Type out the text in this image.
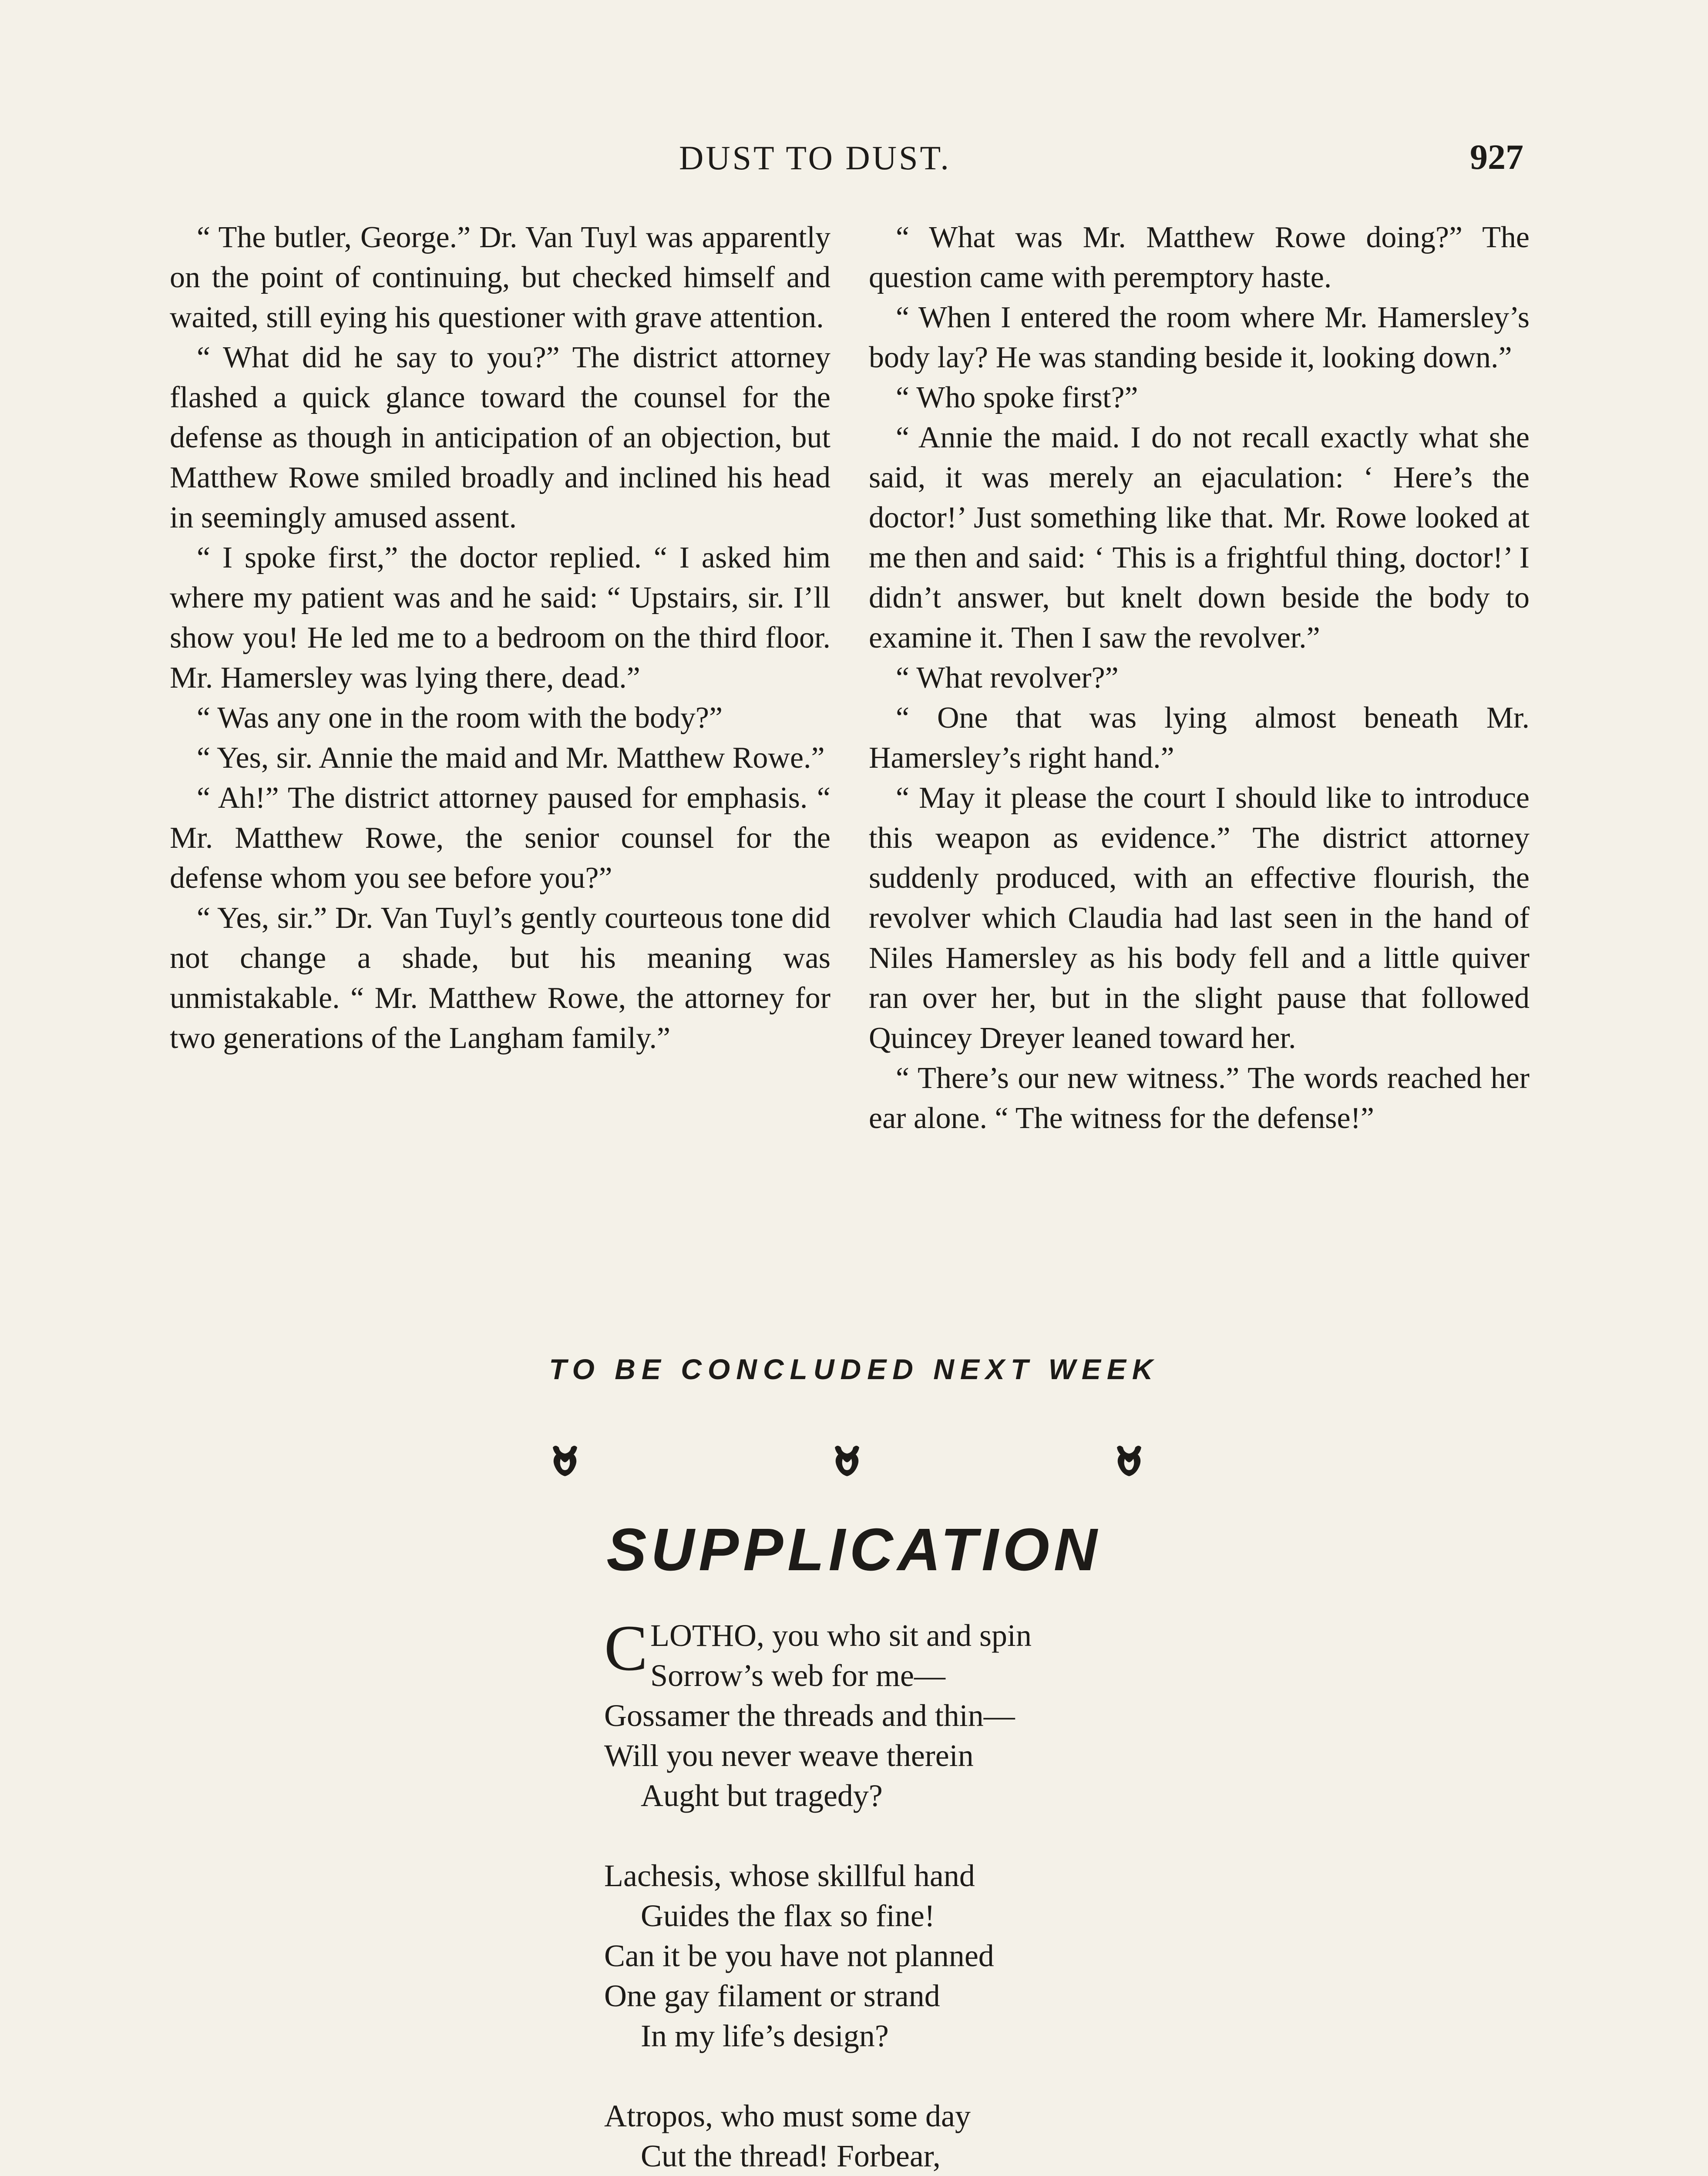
DUST TO DUST.	927

“ The butler, George.” Dr. Van Tuyl was apparently on the point of continuing, but checked himself and waited, still eying his questioner with grave attention.

“ What did he say to you?” The district attorney flashed a quick glance toward the counsel for the defense as though in anticipation of an objection, but Matthew Rowe smiled broadly and inclined his head in seemingly amused assent.

“ I spoke first,” the doctor replied. “ I asked him where my patient was and he said: “ Upstairs, sir. I’ll show you! He led me to a bedroom on the third floor. Mr. Hamersley was lying there, dead.”

“ Was any one in the room with the body?”

“ Yes, sir. Annie the maid and Mr. Matthew Rowe.”

“ Ah!” The district attorney paused for emphasis. “ Mr. Matthew Rowe, the senior counsel for the defense whom you see before you?”

“ Yes, sir.” Dr. Van Tuyl’s gently courteous tone did not change a shade, but his meaning was unmistakable. “ Mr. Matthew Rowe, the attorney for two generations of the Langham family.”

“ What was Mr. Matthew Rowe doing?” The question came with peremptory haste.

“ When I entered the room where Mr. Hamersley’s body lay? He was standing beside it, looking down.”

“ Who spoke first?”

“ Annie the maid. I do not recall exactly what she said, it was merely an ejaculation: ‘ Here’s the doctor!’ Just something like that. Mr. Rowe looked at me then and said: ‘ This is a frightful thing, doctor!’ I didn’t answer, but knelt down beside the body to examine it. Then I saw the revolver.”

“ What revolver?”

“ One that was lying almost beneath Mr. Hamersley’s right hand.”

“ May it please the court I should like to introduce this weapon as evidence.” The district attorney suddenly produced, with an effective flourish, the revolver which Claudia had last seen in the hand of Niles Hamersley as his body fell and a little quiver ran over her, but in the slight pause that followed Quincey Dreyer leaned toward her.

“ There’s our new witness.” The words reached her ear alone. “ The witness for the defense!”

TO BE CONCLUDED NEXT WEEK
SUPPLICATION
CLOTHO, you who sit and spin
Sorrow’s web for me—
Gossamer the threads and thin—
Will you never weave therein
Aught but tragedy?
Lachesis, whose skillful hand
Guides the flax so fine!
Can it be you have not planned
One gay filament or strand
In my life’s design?
Atropos, who must some day
Cut the thread! Forbear,
